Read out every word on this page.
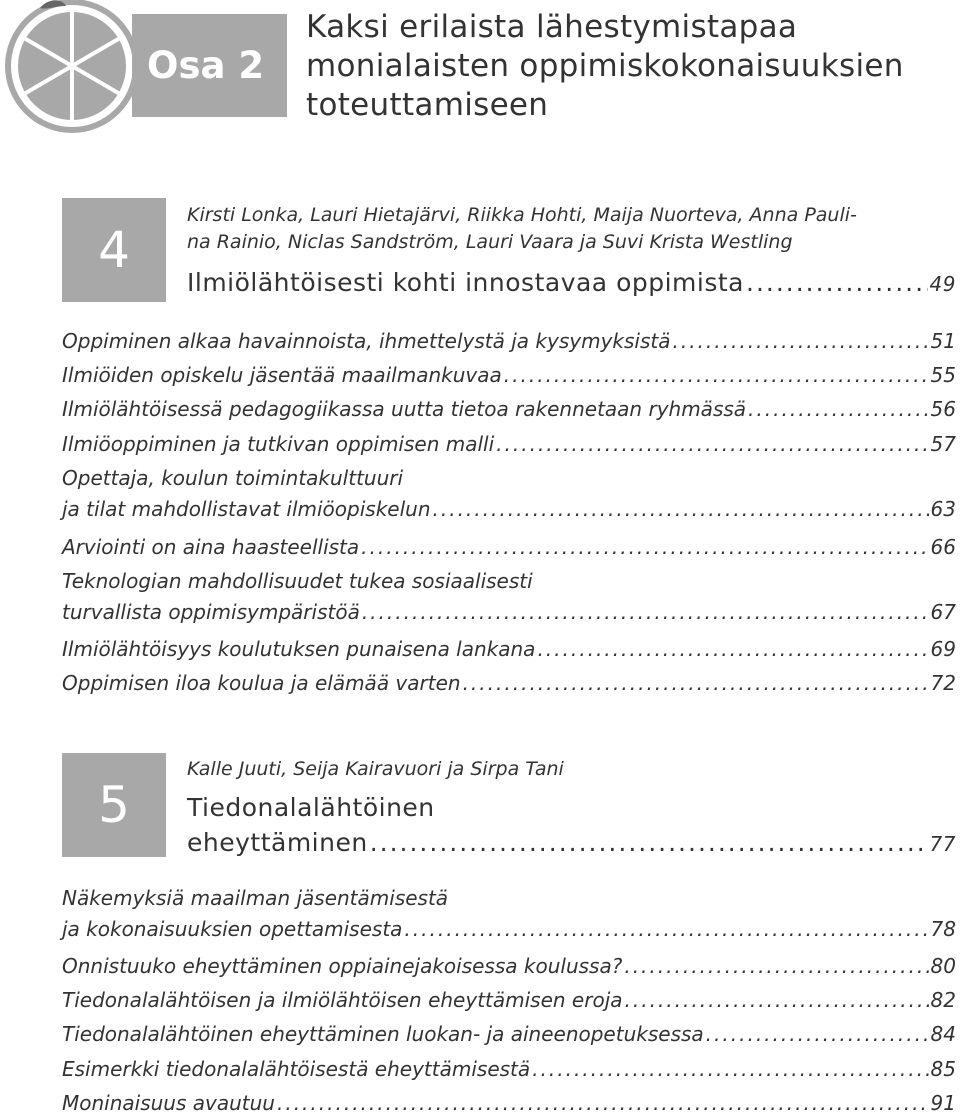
Osa 2
Kaksi erilaista lähestymistapaa
monialaisten oppimiskokonaisuuksien
toteuttamiseen
4
Kirsti Lonka, Lauri Hietajärvi, Riikka Hohti, Maija Nuorteva, Anna Pauli-
na Rainio, Niclas Sandström, Lauri Vaara ja Suvi Krista Westling
Ilmiölähtöisesti kohti innostavaa oppimista .....	49
Oppiminen alkaa havainnoista, ihmettelystä ja kysymyksistä .....	51
Ilmiöiden opiskelu jäsentää maailmankuvaa .....	55
Ilmiölähtöisessä pedagogiikassa uutta tietoa rakennetaan ryhmässä .....	56
Ilmiöoppiminen ja tutkivan oppimisen malli .....	57
Opettaja, koulun toimintakulttuuri
ja tilat mahdollistavat ilmiöopiskelun .....	63
Arviointi on aina haasteellista .....	66
Teknologian mahdollisuudet tukea sosiaalisesti
turvallista oppimisympäristöä .....	67
Ilmiölähtöisyys koulutuksen punaisena lankana .....	69
Oppimisen iloa koulua ja elämää varten .....	72
5
Kalle Juuti, Seija Kairavuori ja Sirpa Tani
Tiedonalalähtöinen
eheyttäminen .....	77
Näkemyksiä maailman jäsentämisestä
ja kokonaisuuksien opettamisesta .....	78
Onnistuuko eheyttäminen oppiainejakoisessa koulussa? .....	80
Tiedonalalähtöisen ja ilmiölähtöisen eheyttämisen eroja .....	82
Tiedonalalähtöinen eheyttäminen luokan- ja aineenopetuksessa .....	84
Esimerkki tiedonalalähtöisestä eheyttämisestä .....	85
Moninaisuus avautuu .....	91
